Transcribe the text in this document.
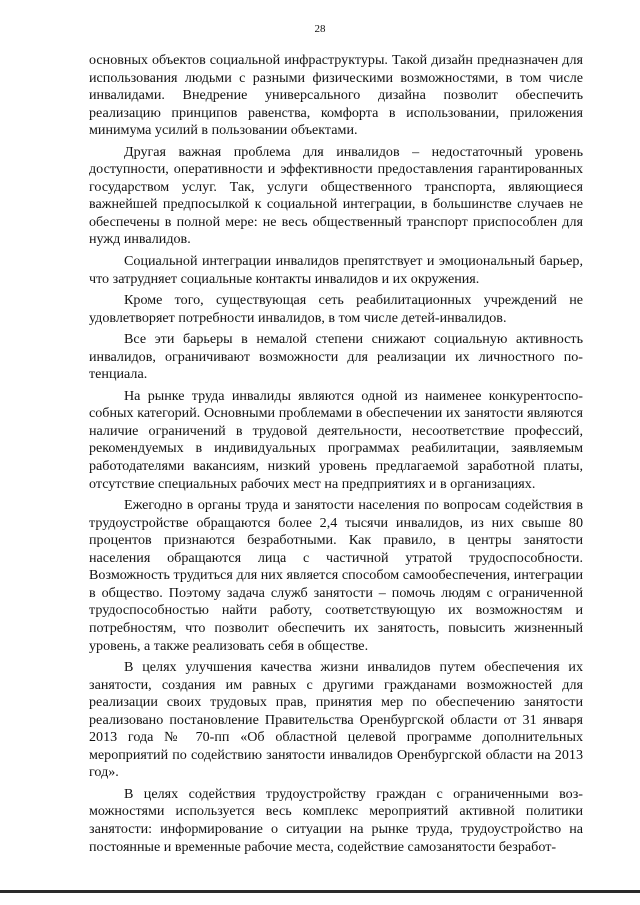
28

основных объектов социальной инфраструктуры. Такой дизайн предназначен для использования людьми с разными физическими возможностями, в том числе инвалидами. Внедрение универсального дизайна позволит обеспечить реализацию принципов равенства, комфорта в использовании, приложения минимума усилий в пользовании объектами.

Другая важная проблема для инвалидов – недостаточный уровень доступности, оперативности и эффективности предоставления гарантированных государством услуг. Так, услуги общественного транспорта, являющиеся важнейшей предпосылкой к социальной интеграции, в большинстве случаев не обеспечены в полной мере: не весь общественный транспорт приспособлен для нужд инвалидов.

Социальной интеграции инвалидов препятствует и эмоциональный барьер, что затрудняет социальные контакты инвалидов и их окружения.

Кроме того, существующая сеть реабилитационных учреждений не удовлетворяет потребности инвалидов, в том числе детей-инвалидов.

Все эти барьеры в немалой степени снижают социальную активность инвалидов, ограничивают возможности для реализации их личностного потенциала.

На рынке труда инвалиды являются одной из наименее конкурентоспособных категорий. Основными проблемами в обеспечении их занятости являются наличие ограничений в трудовой деятельности, несоответствие профессий, рекомендуемых в индивидуальных программах реабилитации, заявляемым работодателями вакансиям, низкий уровень предлагаемой заработной платы, отсутствие специальных рабочих мест на предприятиях и в организациях.

Ежегодно в органы труда и занятости населения по вопросам содействия в трудоустройстве обращаются более 2,4 тысячи инвалидов, из них свыше 80 процентов признаются безработными. Как правило, в центры занятости населения обращаются лица с частичной утратой трудоспособности. Возможность трудиться для них является способом самообеспечения, интеграции в общество. Поэтому задача служб занятости – помочь людям с ограниченной трудоспособностью найти работу, соответствующую их возможностям и потребностям, что позволит обеспечить их занятость, повысить жизненный уровень, а также реализовать себя в обществе.

В целях улучшения качества жизни инвалидов путем обеспечения их занятости, создания им равных с другими гражданами возможностей для реализации своих трудовых прав, принятия мер по обеспечению занятости реализовано постановление Правительства Оренбургской области от 31 января 2013 года № 70-пп «Об областной целевой программе дополнительных мероприятий по содействию занятости инвалидов Оренбургской области на 2013 год».

В целях содействия трудоустройству граждан с ограниченными возможностями используется весь комплекс мероприятий активной политики занятости: информирование о ситуации на рынке труда, трудоустройство на постоянные и временные рабочие места, содействие самозанятости безработ-
